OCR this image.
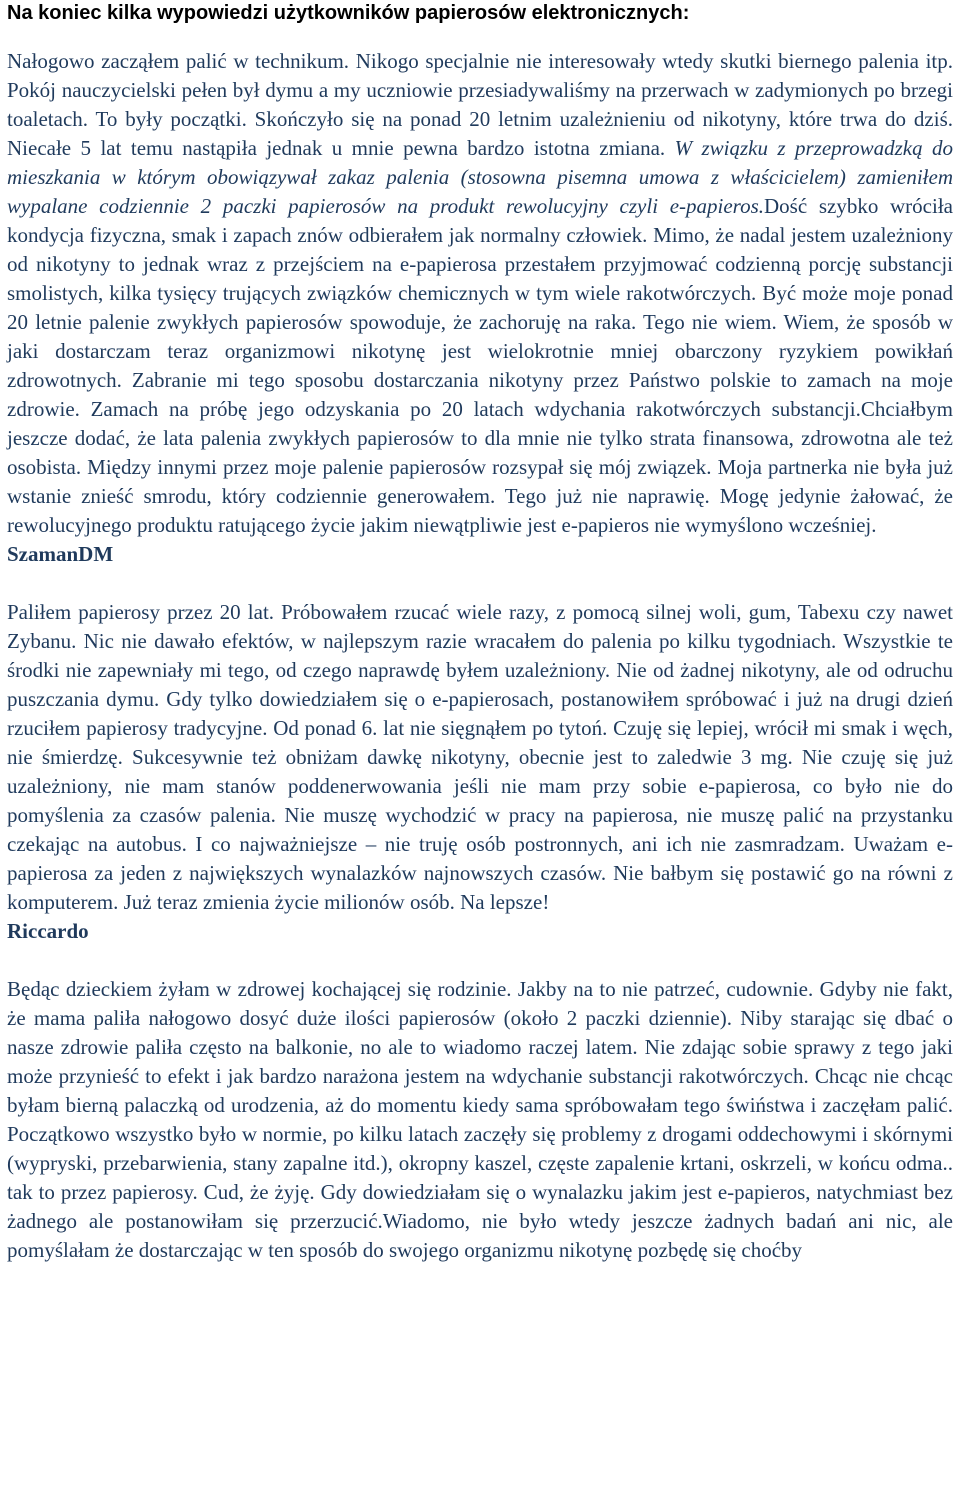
Na koniec kilka wypowiedzi użytkowników papierosów elektronicznych:

Nałogowo zacząłem palić w technikum. Nikogo specjalnie nie interesowały wtedy skutki biernego palenia itp. Pokój nauczycielski pełen był dymu a my uczniowie przesiadywaliśmy na przerwach w zadymionych po brzegi toaletach. To były początki. Skończyło się na ponad 20 letnim uzależnieniu od nikotyny, które trwa do dziś. Niecałe 5 lat temu nastąpiła jednak u mnie pewna bardzo istotna zmiana. W związku z przeprowadzką do mieszkania w którym obowiązywał zakaz palenia (stosowna pisemna umowa z właścicielem) zamieniłem wypalane codziennie 2 paczki papierosów na produkt rewolucyjny czyli e-papieros.Dość szybko wróciła kondycja fizyczna, smak i zapach znów odbierałem jak normalny człowiek. Mimo, że nadal jestem uzależniony od nikotyny to jednak wraz z przejściem na e-papierosa przestałem przyjmować codzienną porcję substancji smolistych, kilka tysięcy trujących związków chemicznych w tym wiele rakotwórczych. Być może moje ponad 20 letnie palenie zwykłych papierosów spowoduje, że zachoruję na raka. Tego nie wiem. Wiem, że sposób w jaki dostarczam teraz organizmowi nikotynę jest wielokrotnie mniej obarczony ryzykiem powikłań zdrowotnych. Zabranie mi tego sposobu dostarczania nikotyny przez Państwo polskie to zamach na moje zdrowie. Zamach na próbę jego odzyskania po 20 latach wdychania rakotwórczych substancji.Chciałbym jeszcze dodać, że lata palenia zwykłych papierosów to dla mnie nie tylko strata finansowa, zdrowotna ale też osobista. Między innymi przez moje palenie papierosów rozsypał się mój związek. Moja partnerka nie była już wstanie znieść smrodu, który codziennie generowałem. Tego już nie naprawię. Mogę jedynie żałować, że rewolucyjnego produktu ratującego życie jakim niewątpliwie jest e-papieros nie wymyślono wcześniej.

SzamanDM

Paliłem papierosy przez 20 lat. Próbowałem rzucać wiele razy, z pomocą silnej woli, gum, Tabexu czy nawet Zybanu. Nic nie dawało efektów, w najlepszym razie wracałem do palenia po kilku tygodniach. Wszystkie te środki nie zapewniały mi tego, od czego naprawdę byłem uzależniony. Nie od żadnej nikotyny, ale od odruchu puszczania dymu. Gdy tylko dowiedziałem się o e-papierosach, postanowiłem spróbować i już na drugi dzień rzuciłem papierosy tradycyjne. Od ponad 6. lat nie sięgnąłem po tytoń. Czuję się lepiej, wrócił mi smak i węch, nie śmierdzę. Sukcesywnie też obniżam dawkę nikotyny, obecnie jest to zaledwie 3 mg. Nie czuję się już uzależniony, nie mam stanów poddenerwowania jeśli nie mam przy sobie e-papierosa, co było nie do pomyślenia za czasów palenia. Nie muszę wychodzić w pracy na papierosa, nie muszę palić na przystanku czekając na autobus. I co najważniejsze – nie truję osób postronnych, ani ich nie zasmradzam. Uważam e-papierosa za jeden z największych wynalazków najnowszych czasów. Nie bałbym się postawić go na równi z komputerem. Już teraz zmienia życie milionów osób. Na lepsze!

Riccardo

Będąc dzieckiem żyłam w zdrowej kochającej się rodzinie. Jakby na to nie patrzeć, cudownie. Gdyby nie fakt, że mama paliła nałogowo dosyć duże ilości papierosów (około 2 paczki dziennie). Niby starając się dbać o nasze zdrowie paliła często na balkonie, no ale to wiadomo raczej latem. Nie zdając sobie sprawy z tego jaki może przynieść to efekt i jak bardzo narażona jestem na wdychanie substancji rakotwórczych. Chcąc nie chcąc byłam bierną palaczką od urodzenia, aż do momentu kiedy sama spróbowałam tego świństwa i zaczęłam palić. Początkowo wszystko było w normie, po kilku latach zaczęły się problemy z drogami oddechowymi i skórnymi (wypryski, przebarwienia, stany zapalne itd.), okropny kaszel, częste zapalenie krtani, oskrzeli, w końcu odma.. tak to przez papierosy. Cud, że żyję. Gdy dowiedziałam się o wynalazku jakim jest e-papieros, natychmiast bez żadnego ale postanowiłam się przerzucić.Wiadomo, nie było wtedy jeszcze żadnych badań ani nic, ale pomyślałam że dostarczając w ten sposób do swojego organizmu nikotynę pozbędę się choćby
